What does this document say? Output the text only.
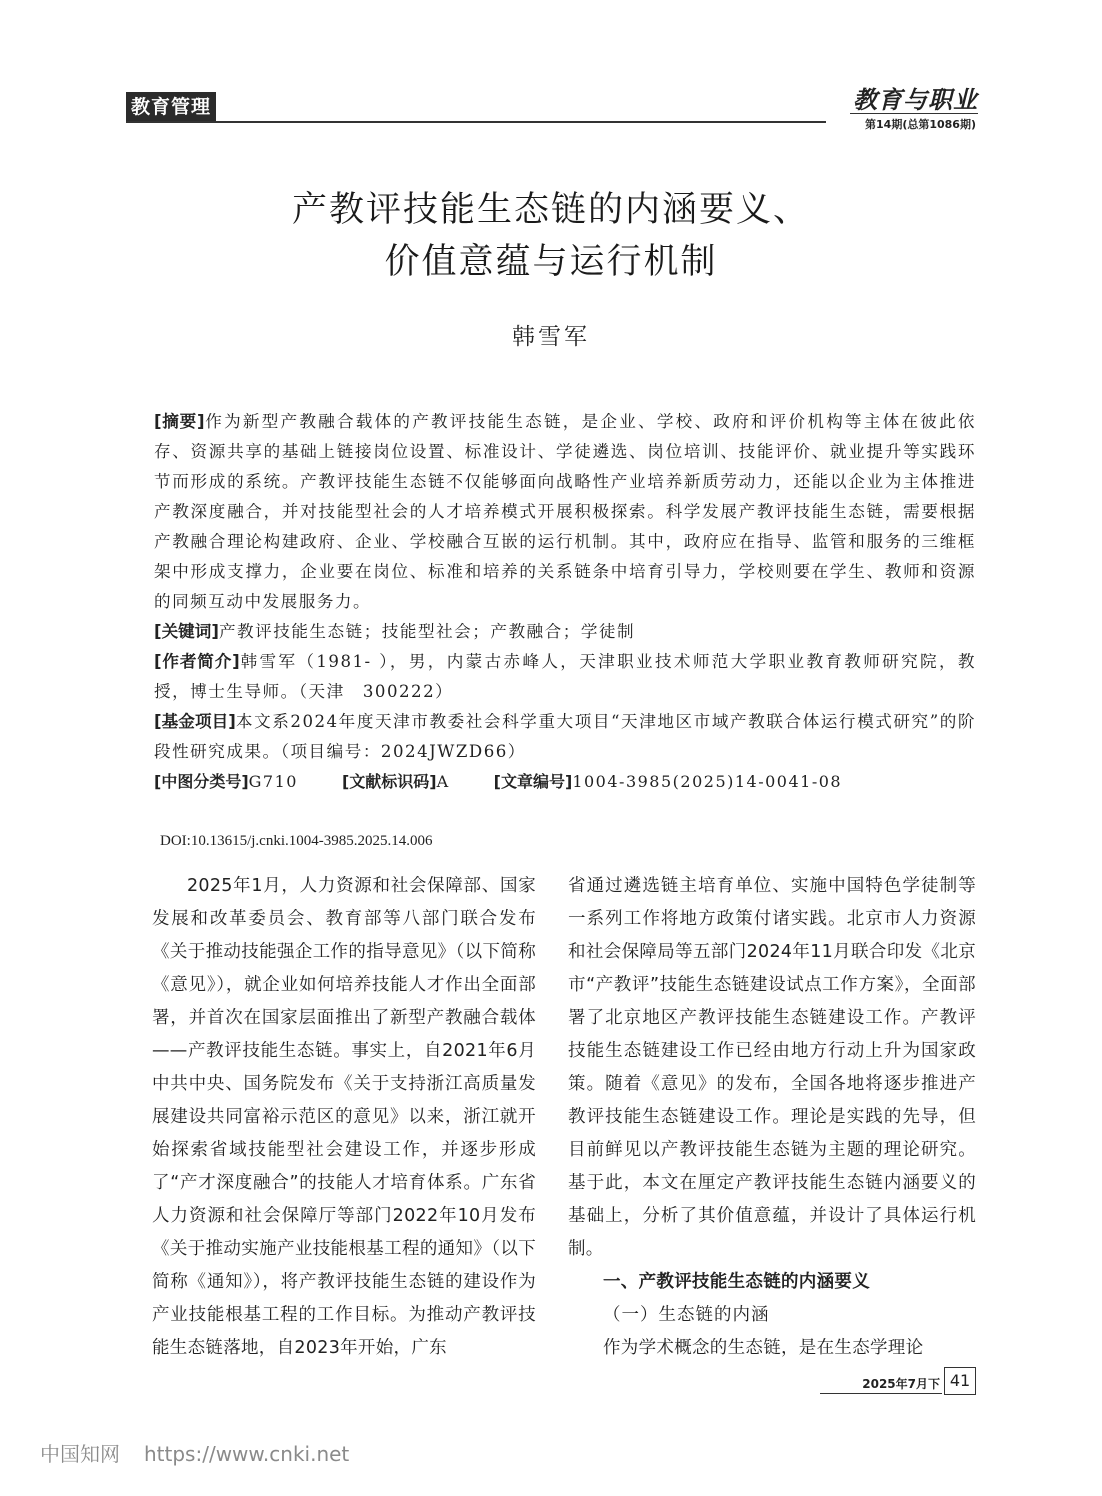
教育管理	教育与职业
第14期(总第1086期)
产教评技能生态链的内涵要义、
价值意蕴与运行机制
韩雪军

[摘要]作为新型产教融合载体的产教评技能生态链，是企业、学校、政府和评价机构等主体在彼此依存、资源共享的基础上链接岗位设置、标准设计、学徒遴选、岗位培训、技能评价、就业提升等实践环节而形成的系统。产教评技能生态链不仅能够面向战略性产业培养新质劳动力，还能以企业为主体推进产教深度融合，并对技能型社会的人才培养模式开展积极探索。科学发展产教评技能生态链，需要根据产教融合理论构建政府、企业、学校融合互嵌的运行机制。其中，政府应在指导、监管和服务的三维框架中形成支撑力，企业要在岗位、标准和培养的关系链条中培育引导力，学校则要在学生、教师和资源的同频互动中发展服务力。

[关键词]产教评技能生态链；技能型社会；产教融合；学徒制

[作者简介]韩雪军（1981- ），男，内蒙古赤峰人，天津职业技术师范大学职业教育教师研究院，教授，博士生导师。（天津　300222）

[基金项目]本文系2024年度天津市教委社会科学重大项目“天津地区市域产教联合体运行模式研究”的阶段性研究成果。（项目编号：2024JWZD66）

[中图分类号]G710	[文献标识码]A	[文章编号]1004-3985(2025)14-0041-08

DOI:10.13615/j.cnki.1004-3985.2025.14.006

2025年1月，人力资源和社会保障部、国家发展和改革委员会、教育部等八部门联合发布《关于推动技能强企工作的指导意见》（以下简称《意见》），就企业如何培养技能人才作出全面部署，并首次在国家层面推出了新型产教融合载体——产教评技能生态链。事实上，自2021年6月中共中央、国务院发布《关于支持浙江高质量发展建设共同富裕示范区的意见》以来，浙江就开始探索省域技能型社会建设工作，并逐步形成了“产才深度融合”的技能人才培育体系。广东省人力资源和社会保障厅等部门2022年10月发布《关于推动实施产业技能根基工程的通知》（以下简称《通知》），将产教评技能生态链的建设作为产业技能根基工程的工作目标。为推动产教评技能生态链落地，自2023年开始，广东

省通过遴选链主培育单位、实施中国特色学徒制等一系列工作将地方政策付诸实践。北京市人力资源和社会保障局等五部门2024年11月联合印发《北京市“产教评”技能生态链建设试点工作方案》，全面部署了北京地区产教评技能生态链建设工作。产教评技能生态链建设工作已经由地方行动上升为国家政策。随着《意见》的发布，全国各地将逐步推进产教评技能生态链建设工作。理论是实践的先导，但目前鲜见以产教评技能生态链为主题的理论研究。基于此，本文在厘定产教评技能生态链内涵要义的基础上，分析了其价值意蕴，并设计了具体运行机制。

一、产教评技能生态链的内涵要义

（一）生态链的内涵

作为学术概念的生态链，是在生态学理论

2025年7月下 41
中国知网 https://www.cnki.net
